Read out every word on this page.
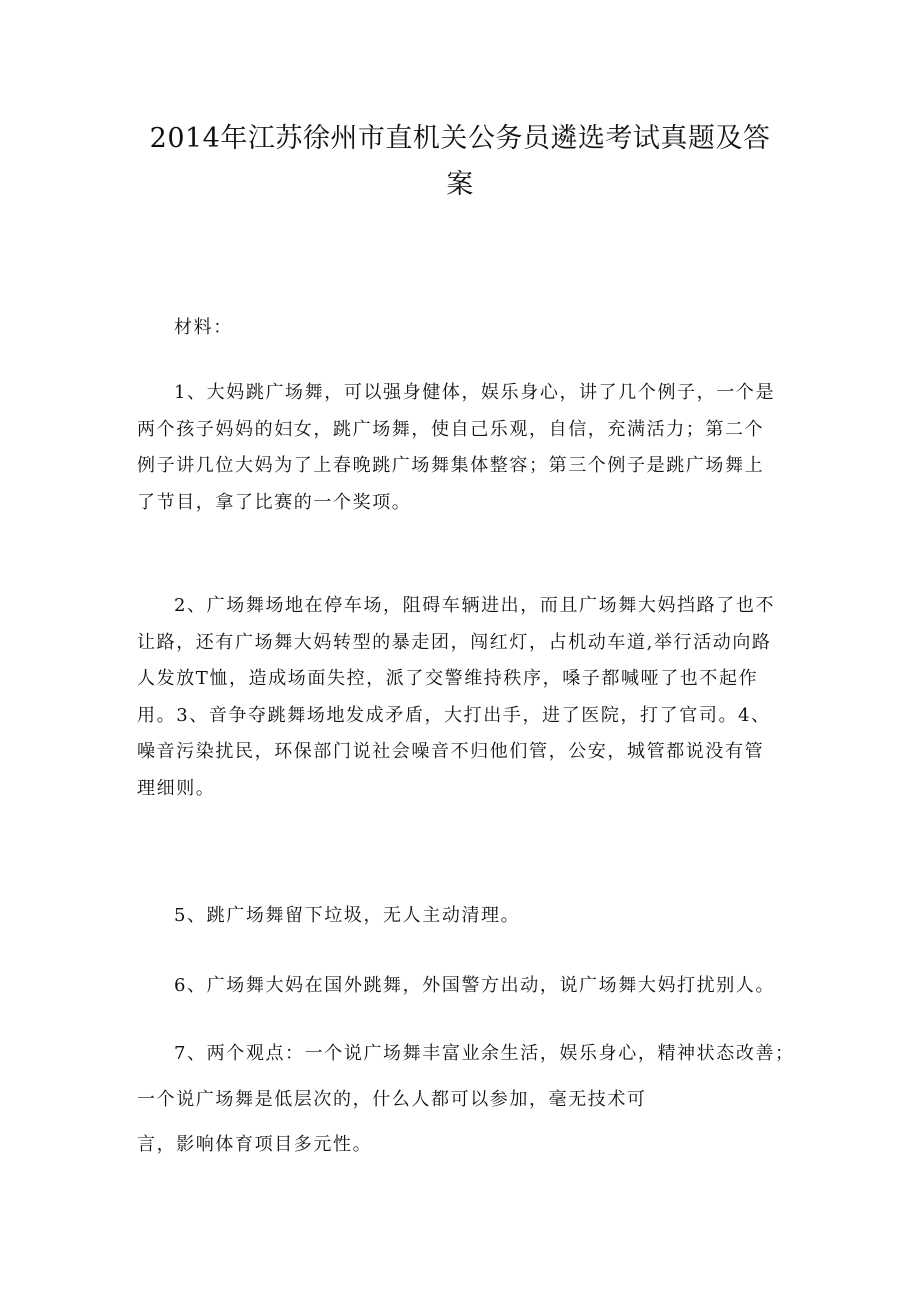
2014年江苏徐州市直机关公务员遴选考试真题及答
案

材料：

1、大妈跳广场舞，可以强身健体，娱乐身心，讲了几个例子，一个是
两个孩子妈妈的妇女，跳广场舞，使自己乐观，自信，充满活力；第二个
例子讲几位大妈为了上春晚跳广场舞集体整容；第三个例子是跳广场舞上
了节目，拿了比赛的一个奖项。

2、广场舞场地在停车场，阻碍车辆进出，而且广场舞大妈挡路了也不
让路，还有广场舞大妈转型的暴走团，闯红灯，占机动车道,举行活动向路
人发放T恤，造成场面失控，派了交警维持秩序，嗓子都喊哑了也不起作
用。3、音争夺跳舞场地发成矛盾，大打出手，进了医院，打了官司。4、
噪音污染扰民，环保部门说社会噪音不归他们管，公安，城管都说没有管
理细则。

5、跳广场舞留下垃圾，无人主动清理。

6、广场舞大妈在国外跳舞，外国警方出动，说广场舞大妈打扰别人。

7、两个观点：一个说广场舞丰富业余生活，娱乐身心，精神状态改善；
一个说广场舞是低层次的，什么人都可以参加，毫无技术可
言，影响体育项目多元性。
